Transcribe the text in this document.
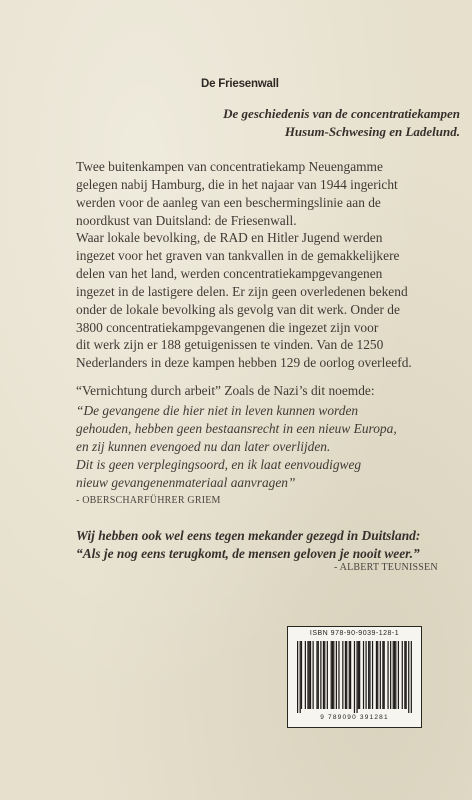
De Friesenwall
De geschiedenis van de concentratiekampen
Husum-Schwesing en Ladelund.
Twee buitenkampen van concentratiekamp Neuengamme
gelegen nabij Hamburg, die in het najaar van 1944 ingericht
werden voor de aanleg van een beschermingslinie aan de
noordkust van Duitsland: de Friesenwall.
Waar lokale bevolking, de RAD en Hitler Jugend werden
ingezet voor het graven van tankvallen in de gemakkelijkere
delen van het land, werden concentratiekampgevangenen
ingezet in de lastigere delen. Er zijn geen overledenen bekend
onder de lokale bevolking als gevolg van dit werk. Onder de
3800 concentratiekampgevangenen die ingezet zijn voor
dit werk zijn er 188 getuigenissen te vinden. Van de 1250
Nederlanders in deze kampen hebben 129 de oorlog overleefd.
“Vernichtung durch arbeit” Zoals de Nazi’s dit noemde:
“De gevangene die hier niet in leven kunnen worden
gehouden, hebben geen bestaansrecht in een nieuw Europa,
en zij kunnen evengoed nu dan later overlijden.
Dit is geen verplegingsoord, en ik laat eenvoudigweg
nieuw gevangenenmateriaal aanvragen”
- OBERSCHARFÜHRER GRIEM
Wij hebben ook wel eens tegen mekander gezegd in Duitsland:
“Als je nog eens terugkomt, de mensen geloven je nooit weer.”
- ALBERT TEUNISSEN
ISBN 978-90-9039-128-1
9 789090 391281
